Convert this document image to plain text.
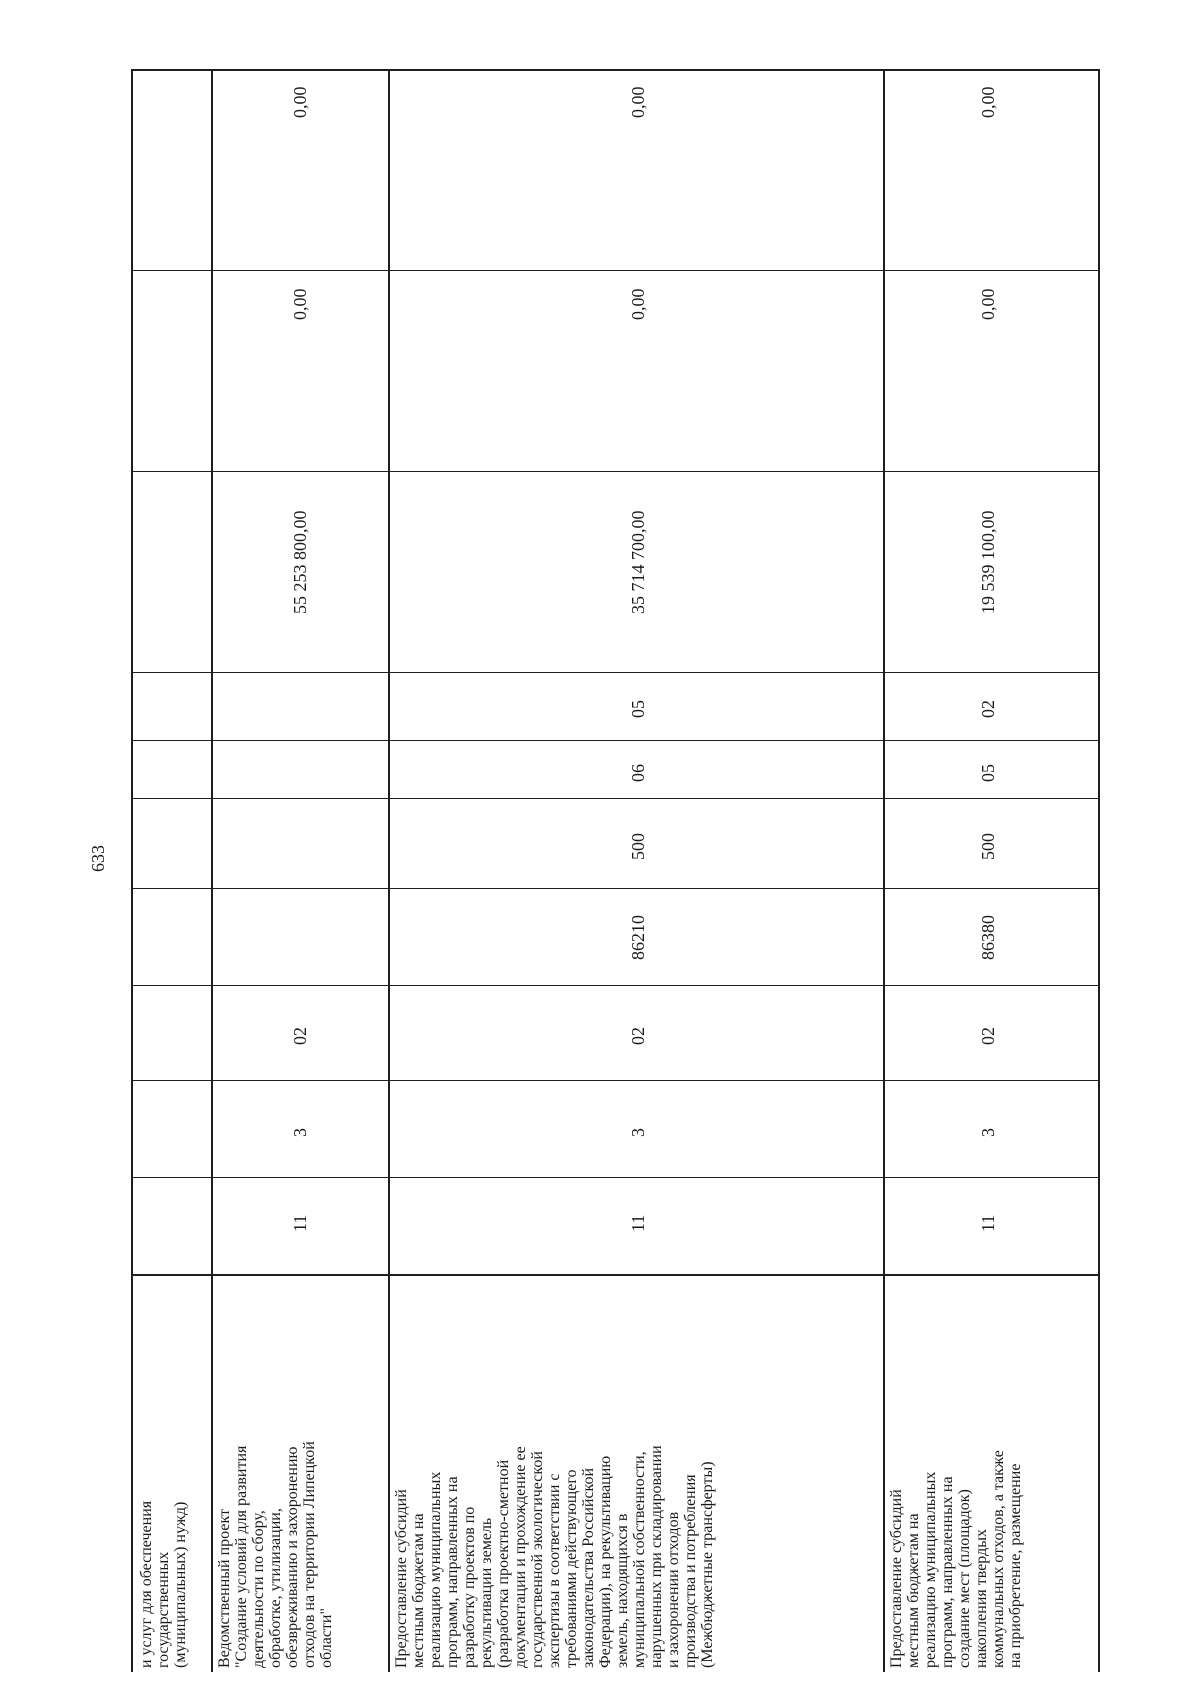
633
и услуг для обеспечения государственных (муниципальных) нужд) Ведомственный проект "Создание условий для развития деятельности по сбору, обработке, утилизации, обезвреживанию и захоронению отходов на территории Липецкой области"
11
3
02
55 253 800,00
0,00
0,00
Предоставление субсидий местным бюджетам на реализацию муниципальных программ, направленных на разработку проектов по рекультивации земель (разработка проектно-сметной документации и прохождение ее государственной экологической экспертизы в соответствии с требованиями действующего законодательства Российской Федерации), на рекультивацию земель, находящихся в муниципальной собственности, нарушенных при складировании и захоронении отходов производства и потребления (Межбюджетные трансферты)
11
3
02
86210
500
06
05
35 714 700,00
0,00
0,00
Предоставление субсидий местным бюджетам на реализацию муниципальных программ, направленных на создание мест (площадок) накопления твердых коммунальных отходов, а также на приобретение, размещение
11
3
02
86380
500
05
02
19 539 100,00
0,00
0,00
